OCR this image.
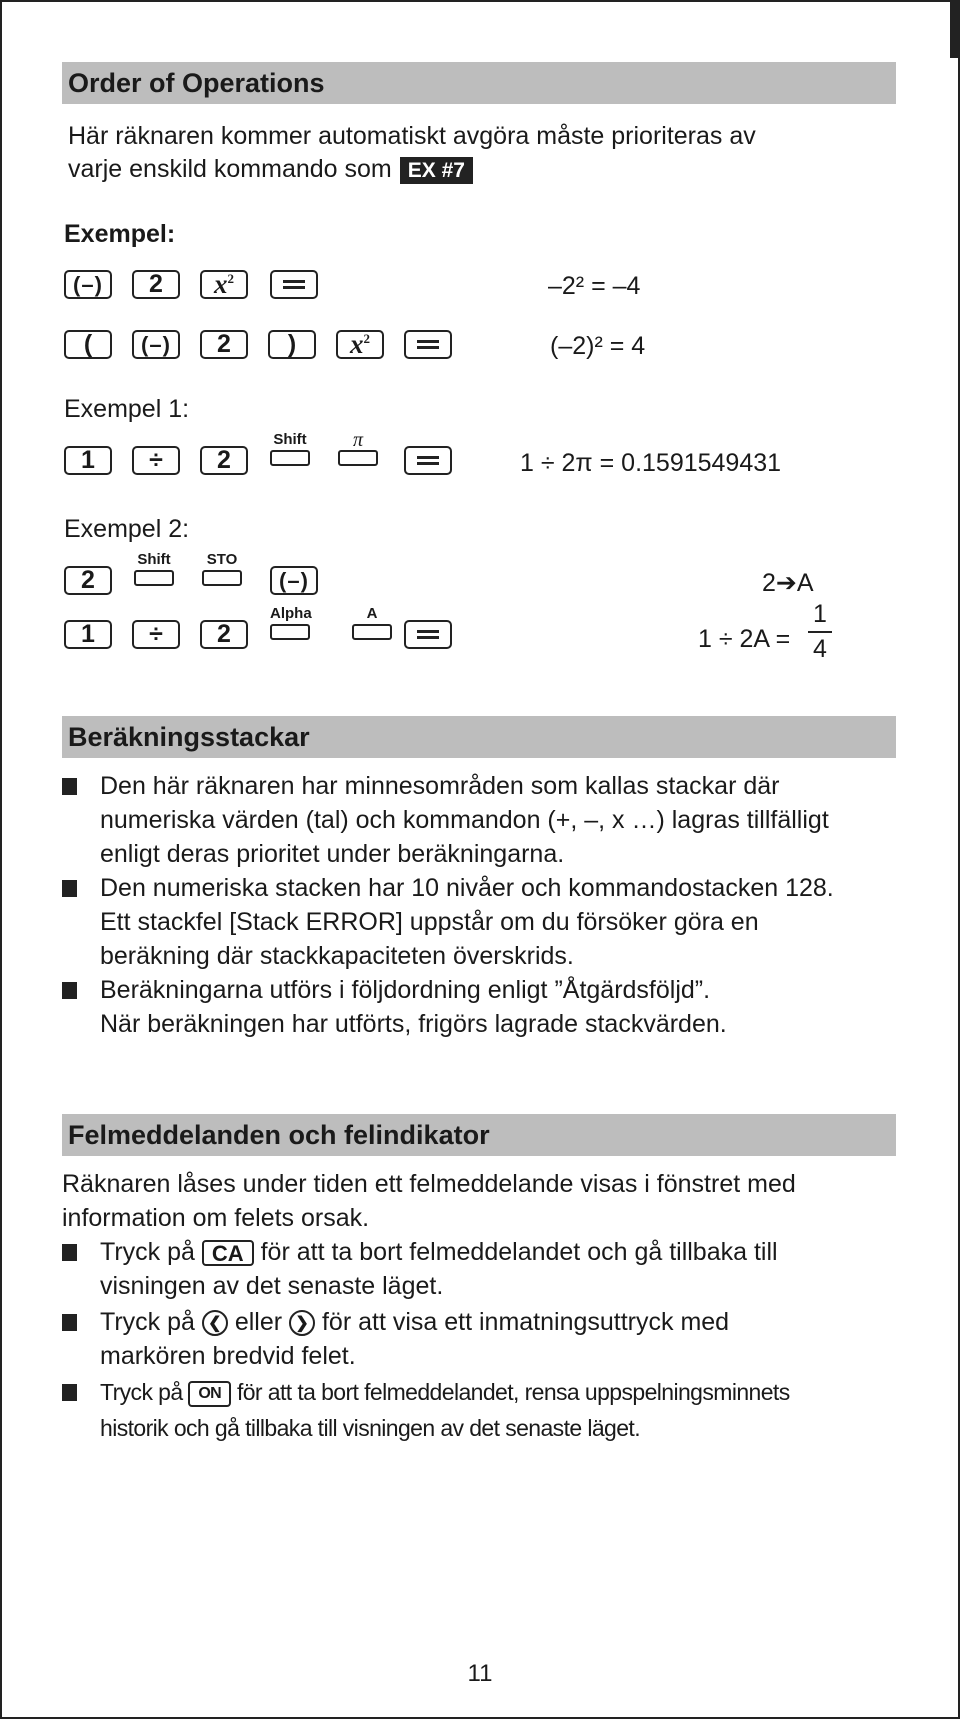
Order of Operations
Här räknaren kommer automatiskt avgöra måste prioriteras av
varje enskild kommando som EX #7
Exempel:
(–)	2	$x^2$	–2² = –4
(	(–)	2	)	$x^2$	(–2)² = 4
Exempel 1:
1	÷	2
Shift	π
1 ÷ 2π = 0.1591549431
Exempel 2:
2
Shift	STO
(–)	2➔A
1	÷	2
Alpha	A
1 ÷ 2A =
1
4
Beräkningsstackar
Den här räknaren har minnesområden som kallas stackar där
numeriska värden (tal) och kommandon (+, –, x …) lagras tillfälligt
enligt deras prioritet under beräkningarna.
Den numeriska stacken har 10 nivåer och kommandostacken 128.
Ett stackfel [Stack ERROR] uppstår om du försöker göra en
beräkning där stackkapaciteten överskrids.
Beräkningarna utförs i följdordning enligt ”Åtgärdsföljd”.
När beräkningen har utförts, frigörs lagrade stackvärden.
Felmeddelanden och felindikator
Räknaren låses under tiden ett felmeddelande visas i fönstret med
information om felets orsak.
Tryck på CA för att ta bort felmeddelandet och gå tillbaka till
visningen av det senaste läget.
Tryck på ❮ eller ❯ för att visa ett inmatningsuttryck med
markören bredvid felet.
Tryck på ON för att ta bort felmeddelandet, rensa uppspelningsminnets
historik och gå tillbaka till visningen av det senaste läget.
11
